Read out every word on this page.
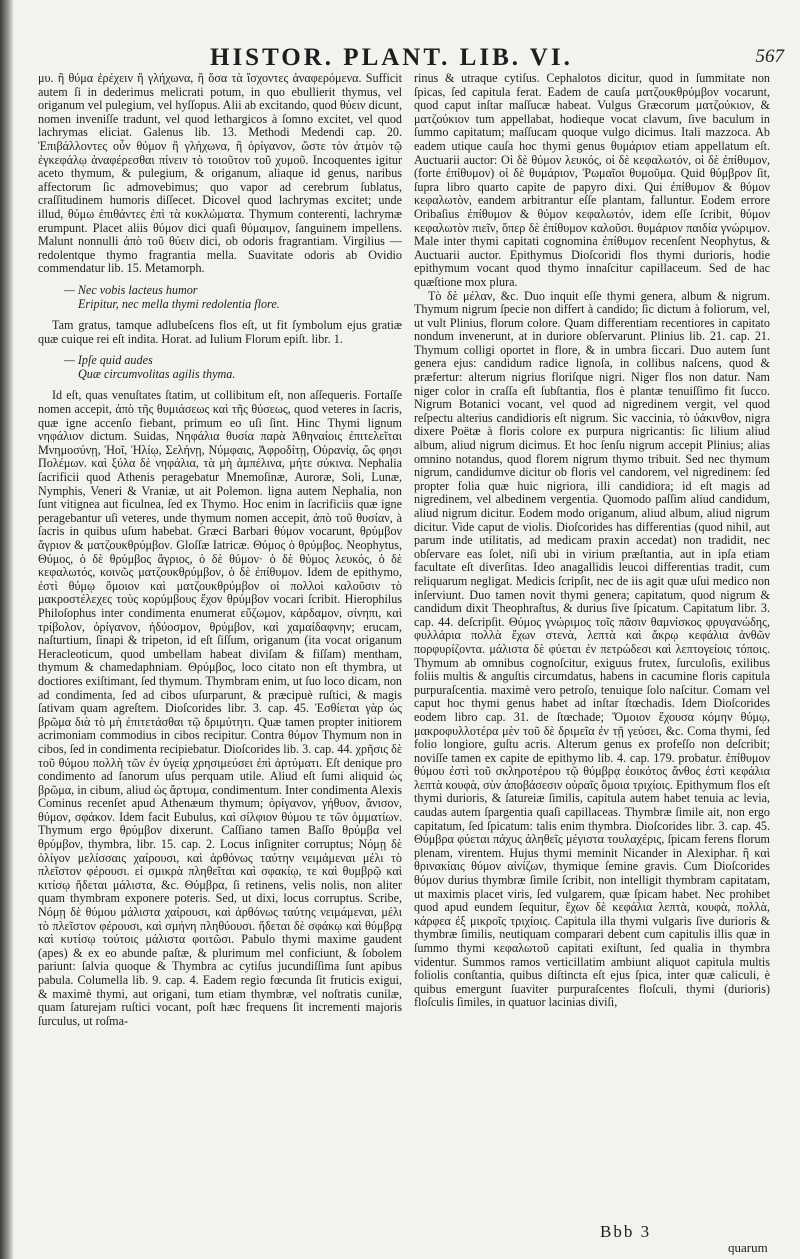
HISTOR. PLANT. LIB. VI.	567

μυ. ἢ θύμα ἐρέχειν ἢ γλήχωνα, ἢ ὅσα τὰ ἴσχοντες ἀναφερόμενα. Sufficit autem ſi in dederimus melicrati potum, in quo ebullierit thymus, vel origanum vel pulegium, vel hyſſopus. Alii ab excitando, quod θύειν dicunt, nomen inveniſſe tradunt, vel quod lethargicos à ſomno excitet, vel quod lachrymas eliciat. Galenus lib. 13. Methodi Medendi cap. 20. Ἐπιβάλλοντες οὖν θύμον ἢ γλήχωνα, ἢ ὀρίγανον, ὥστε τὸν ἀτμὸν τῷ ἐγκεφάλῳ ἀναφέρεσθαι πίνειν τὸ τοιοῦτον τοῦ χυμοῦ. Incoquentes igitur aceto thymum, & pulegium, & origanum, aliaque id genus, naribus affectorum ſic admovebimus; quo vapor ad cerebrum ſublatus, craſſitudinem humoris diſſecet. Dicovel quod lachrymas excitet; unde illud, θύμω ἐπιθάντες ἐπὶ τὰ κυκλώματα. Thymum conterenti, lachrymæ erumpunt. Placet aliis θύμον dici quaſi θύμαιμον, ſanguinem impellens. Malunt nonnulli ἀπὸ τοῦ θύειν dici, ob odoris fragrantiam. Virgilius — redolentque thymo fragrantia mella. Suavitate odoris ab Ovidio commendatur lib. 15. Metamorph.

— Nec vobis lacteus humor

Eripitur, nec mella thymi redolentia flore.

Tam gratus, tamque adlubeſcens flos eſt, ut fit ſymbolum ejus gratiæ quæ cuique rei eſt indita. Horat. ad Iulium Florum epiſt. libr. 1.

— Ipſe quid audes

Quæ circumvolitas agilis thyma.

Id eſt, quas venuſtates ſtatim, ut collibitum eſt, non aſſequeris. Fortaſſe nomen accepit, ἀπὸ τῆς θυμιάσεως καὶ τῆς θύσεως, quod veteres in ſacris, quæ igne accenſo fiebant, primum eo uſi ſint. Hinc Thymi lignum νηφάλιον dictum. Suidas, Νηφάλια θυσία παρὰ Ἀθηναίοις ἐπιτελεῖται Μνημοσύνῃ, Ἠοῖ, Ἡλίῳ, Σελήνῃ, Νύμφαις, Ἀφροδίτῃ, Οὐρανίᾳ, ὥς φησι Πολέμων. καὶ ξύλα δὲ νηφάλια, τὰ μὴ ἀμπέλινα, μήτε σύκινα. Nephalia ſacrificii quod Athenis peragebatur Mnemoſinæ, Auroræ, Soli, Lunæ, Nymphis, Veneri & Vraniæ, ut ait Polemon. ligna autem Nephalia, non ſunt vitignea aut ficulnea, ſed ex Thymo. Hoc enim in ſacrificiis quæ igne peragebantur uſi veteres, unde thymum nomen accepit, ἀπὸ τοῦ θυσίαν, à ſacris in quibus uſum habebat. Græci Barbari θύμον vocarunt, θρύμβον ἄγριον & ματζουκθρύμβον. Gloſſæ Iatricæ. Θύμος ὁ θρύμβος. Neophytus, Θύμος, ὁ δὲ θρύμβος ἄγριος, ὁ δὲ θύμον· ὁ δὲ θύμος λευκός, ὁ δὲ κεφαλωτός, κοινῶς ματζουκθρύμβον, ὁ δὲ ἐπίθυμον. Idem de epithymo, ἐστὶ θύμῳ ὅμοιον καὶ ματζουκθρύμβον οἱ πολλοὶ καλοῦσιν τὸ μακροστέλεχες τοὺς κορύμβους ἔχον θρύμβον vocari ſcribit. Hierophilus Philoſophus inter condimenta enumerat εὔζωμον, κάρδαμον, σίνηπι, καὶ τρίβολον, ὀρίγανον, ἡδύοσμον, θρύμβον, καὶ χαμαίδαφνην; erucam, naſturtium, ſinapi & tripeton, id eſt ſiſſum, origanum (ita vocat origanum Heracleoticum, quod umbellam habeat diviſam & fiſſam) mentham, thymum & chamedaphniam. Θρύμβος, loco citato non eſt thymbra, ut doctiores exiſtimant, ſed thymum. Thymbram enim, ut ſuo loco dicam, non ad condimenta, ſed ad cibos uſurparunt, & præcipuè ruſtici, & magis ſativam quam agreſtem. Dioſcorides libr. 3. cap. 45. Ἐσθίεται γὰρ ὡς βρῶμα διὰ τὸ μὴ ἐπιτετάσθαι τῷ δριμύτητι. Quæ tamen propter initiorem acrimoniam commodius in cibos recipitur. Contra θύμον Thymum non in cibos, ſed in condimenta recipiebatur. Dioſcorides lib. 3. cap. 44. χρῆσις δὲ τοῦ θύμου πολλὴ τῶν ἐν ὑγείᾳ χρησιμεύσει ἐπὶ ἀρτύματι. Eſt denique pro condimento ad ſanorum uſus perquam utile. Aliud eſt ſumi aliquid ὡς βρῶμα, in cibum, aliud ὡς ἄρτυμα, condimentum. Inter condimenta Alexis Cominus recenſet apud Athenæum thymum; ὀρίγανον, γήθυον, ἄνισον, θύμον, σφάκον. Idem facit Eubulus, καὶ σίλφιον θύμου τε τῶν ὀμματίων. Thymum ergo θρύμβον dixerunt. Caſſiano tamen Baſſo θρύμβα vel θρύμβον, thymbra, libr. 15. cap. 2. Locus inſigniter corruptus; Νόμῃ δὲ ὀλίγον μελίσσαις χαίρουσι, καὶ ἀρθόνως ταύτην νειμάμεναι μέλι τὸ πλεῖστον φέρουσι. εἰ σμικρὰ πληθεῖται καὶ σφακίῳ, τε καὶ θυμβρῷ καὶ κιτίσῳ ἥδεται μάλιστα, &c. Θύμβρα, ſi retinens, velis nolis, non aliter quam thymbram exponere poteris. Sed, ut dixi, locus corruptus. Scribe, Νόμῃ δὲ θύμου μάλιστα χαίρουσι, καὶ ἀρθόνως ταύτης νειμάμεναι, μέλι τὸ πλεῖστον φέρουσι, καὶ σμήνη πληθύουσι. ἥδεται δὲ σφάκῳ καὶ θύμβρᾳ καὶ κυτίσῳ τούτοις μάλιστα φοιτῶσι. Pabulo thymi maxime gaudent (apes) & ex eo abunde paſtæ, & plurimum mel conficiunt, & ſobolem pariunt: ſalvia quoque & Thymbra ac cytiſus jucundiſſima ſunt apibus pabula. Columella lib. 9. cap. 4. Eadem regio fœcunda ſit fruticis exigui, & maximè thymi, aut origani, tum etiam thymbræ, vel noſtratis cunilæ, quam ſaturejam ruſtici vocant, poſt hæc frequens ſit incrementi majoris ſurculus, ut roſma-

rinus & utraque cytiſus. Cephalotos dicitur, quod in ſummitate non ſpicas, ſed capitula ferat. Eadem de cauſa ματζουκθρύμβον vocarunt, quod caput inſtar maſſucæ habeat. Vulgus Græcorum ματζούκιον, & ματζούκιον tum appellabat, hodieque vocat clavum, ſive baculum in ſummo capitatum; maſſucam quoque vulgo dicimus. Itali mazzoca. Ab eadem utique cauſa hoc thymi genus θυμάριον etiam appellatum eſt. Auctuarii auctor: Οἱ δὲ θύμον λευκός, οἱ δὲ κεφαλωτόν, οἱ δὲ ἐπίθυμον, (forte ἐπίθυμον) οἱ δὲ θυμάριον, Ῥωμαῖοι θυμοῦμα. Quid θύμβρον ſit, ſupra libro quarto capite de papyro dixi. Qui ἐπίθυμον & θύμον κεφαλωτὸν, eandem arbitrantur eſſe plantam, falluntur. Eodem errore Oribaſius ἐπίθυμον & θύμον κεφαλωτόν, idem eſſe ſcribit, θύμον κεφαλωτὸν πιεῖν, ὅπερ δὲ ἐπίθυμον καλοῦσι. θυμάριον παιδία γνώριμον. Male inter thymi capitati cognomina ἐπίθυμον recenſent Neophytus, & Auctuarii auctor. Epithymus Dioſcoridi flos thymi durioris, hodie epithymum vocant quod thymo innaſcitur capillaceum. Sed de hac quæſtione mox plura.

Τὸ δὲ μέλαν, &c. Duo inquit eſſe thymi genera, album & nigrum. Thymum nigrum ſpecie non differt à candido; ſic dictum à foliorum, vel, ut vult Plinius, florum colore. Quam differentiam recentiores in capitato nondum invenerunt, at in duriore obſervarunt. Plinius lib. 21. cap. 21. Thymum colligi oportet in flore, & in umbra ſiccari. Duo autem ſunt genera ejus: candidum radice lignoſa, in collibus naſcens, quod & præfertur: alterum nigrius floriſque nigri. Niger flos non datur. Nam niger color in craſſa eſt ſubſtantia, flos è plantæ tenuiſſimo fit ſucco. Nigrum Botanici vocant, vel quod ad nigredinem vergit, vel quod reſpectu alterius candidioris eſt nigrum. Sic vaccinia, τὸ ὑάκινθον, nigra dixere Poëtæ à floris colore ex purpura nigricantis: ſic lilium aliud album, aliud nigrum dicimus. Et hoc ſenſu nigrum accepit Plinius; alias omnino notandus, quod florem nigrum thymo tribuit. Sed nec thymum nigrum, candidumve dicitur ob floris vel candorem, vel nigredinem: ſed propter folia quæ huic nigriora, illi candidiora; id eſt magis ad nigredinem, vel albedinem vergentia. Quomodo paſſim aliud candidum, aliud nigrum dicitur. Eodem modo origanum, aliud album, aliud nigrum dicitur. Vide caput de violis. Dioſcorides has differentias (quod nihil, aut parum inde utilitatis, ad medicam praxin accedat) non tradidit, nec obſervare eas ſolet, niſi ubi in virium præſtantia, aut in ipſa etiam facultate eſt diverſitas. Ideo anagallidis leucoi differentias tradit, cum reliquarum negligat. Medicis ſcripſit, nec de iis agit quæ uſui medico non inſerviunt. Duo tamen novit thymi genera; capitatum, quod nigrum & candidum dixit Theophraſtus, & durius ſive ſpicatum. Capitatum libr. 3. cap. 44. deſcripſit. Θύμος γνώριμος τοῖς πᾶσιν θαμνίσκος φρυγανώδης, φυλλάρια πολλὰ ἔχων στενὰ, λεπτὰ καὶ ἄκρῳ κεφάλια ἀνθῶν πορφυρίζοντα. μάλιστα δὲ φύεται ἐν πετρώδεσι καὶ λεπτογείοις τόποις. Thymum ab omnibus cognoſcitur, exiguus frutex, ſurculoſis, exilibus foliis multis & anguſtis circumdatus, habens in cacumine floris capitula purpuraſcentia. maximè vero petroſo, tenuique ſolo naſcitur. Comam vel caput hoc thymi genus habet ad inſtar ſtœchadis. Idem Dioſcorides eodem libro cap. 31. de ſtœchade; Ὅμοιον ἔχουσα κόμην θύμῳ, μακροφυλλοτέρα μὲν τοῦ δὲ δριμεῖα ἐν τῇ γεύσει, &c. Coma thymi, ſed folio longiore, guſtu acris. Alterum genus ex profeſſo non deſcribit; noviſſe tamen ex capite de epithymo lib. 4. cap. 179. probatur. ἐπίθυμον θύμου ἐστὶ τοῦ σκληροτέρου τῷ θύμβρᾳ ἐοικότος ἄνθος ἐστὶ κεφάλια λεπτὰ κουφὰ, σὺν ἀποβάσεσιν οὐραῖς ὅμοια τριχίοις. Epithymum flos eſt thymi durioris, & ſatureiæ ſimilis, capitula autem habet tenuia ac levia, caudas autem ſpargentia quaſi capillaceas. Thymbræ ſimile ait, non ergo capitatum, ſed ſpicatum: talis enim thymbra. Dioſcorides libr. 3. cap. 45. Θύμβρα φύεται πάχυς ἀληθεῖς μέγιστα τουλαχέρις, ſpicam ferens florum plenam, virentem. Hujus thymi meminit Nicander in Alexiphar. ἢ καὶ θρινακίαις θύμον αἰνίζων, thymique ſemine gravis. Cum Dioſcorides θύμον durius thymbræ ſimile ſcribit, non intelligit thymbram capitatam, ut maximis placet viris, ſed vulgarem, quæ ſpicam habet. Nec prohibet quod apud eundem ſequitur, ἔχων δὲ κεφάλια λεπτὰ, κουφὰ, πολλὰ, κάρφεα ἐξ μικροῖς τριχίοις. Capitula illa thymi vulgaris ſive durioris & thymbræ ſimilis, neutiquam comparari debent cum capitulis illis quæ in ſummo thymi κεφαλωτοῦ capitati exiſtunt, ſed qualia in thymbra videntur. Summos ramos verticillatim ambiunt aliquot capitula multis foliolis conſtantia, quibus diſtincta eſt ejus ſpica, inter quæ caliculi, è quibus emergunt ſuaviter purpuraſcentes floſculi, thymi (durioris) floſculis ſimiles, in quatuor lacinias diviſi,

Bbb 3
quarum
